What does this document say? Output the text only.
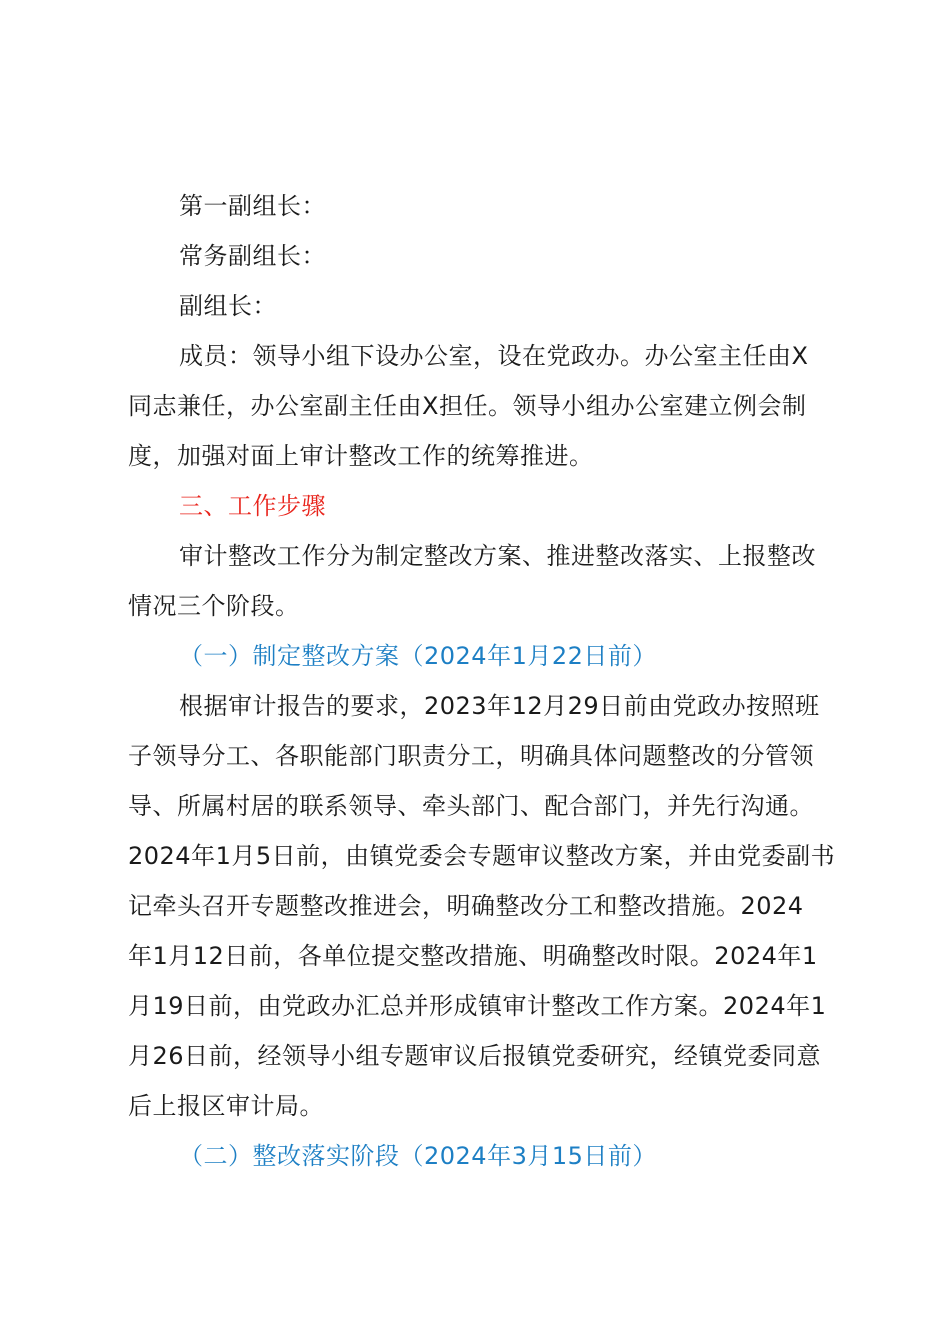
第一副组长：
常务副组长：
副组长：
成员：领导小组下设办公室，设在党政办。办公室主任由X
同志兼任，办公室副主任由X担任。领导小组办公室建立例会制
度，加强对面上审计整改工作的统筹推进。
三、工作步骤
审计整改工作分为制定整改方案、推进整改落实、上报整改
情况三个阶段。
（一）制定整改方案（2024年1月22日前）
根据审计报告的要求，2023年12月29日前由党政办按照班
子领导分工、各职能部门职责分工，明确具体问题整改的分管领
导、所属村居的联系领导、牵头部门、配合部门，并先行沟通。
2024年1月5日前，由镇党委会专题审议整改方案，并由党委副书
记牵头召开专题整改推进会，明确整改分工和整改措施。2024
年1月12日前，各单位提交整改措施、明确整改时限。2024年1
月19日前，由党政办汇总并形成镇审计整改工作方案。2024年1
月26日前，经领导小组专题审议后报镇党委研究，经镇党委同意
后上报区审计局。
（二）整改落实阶段（2024年3月15日前）
